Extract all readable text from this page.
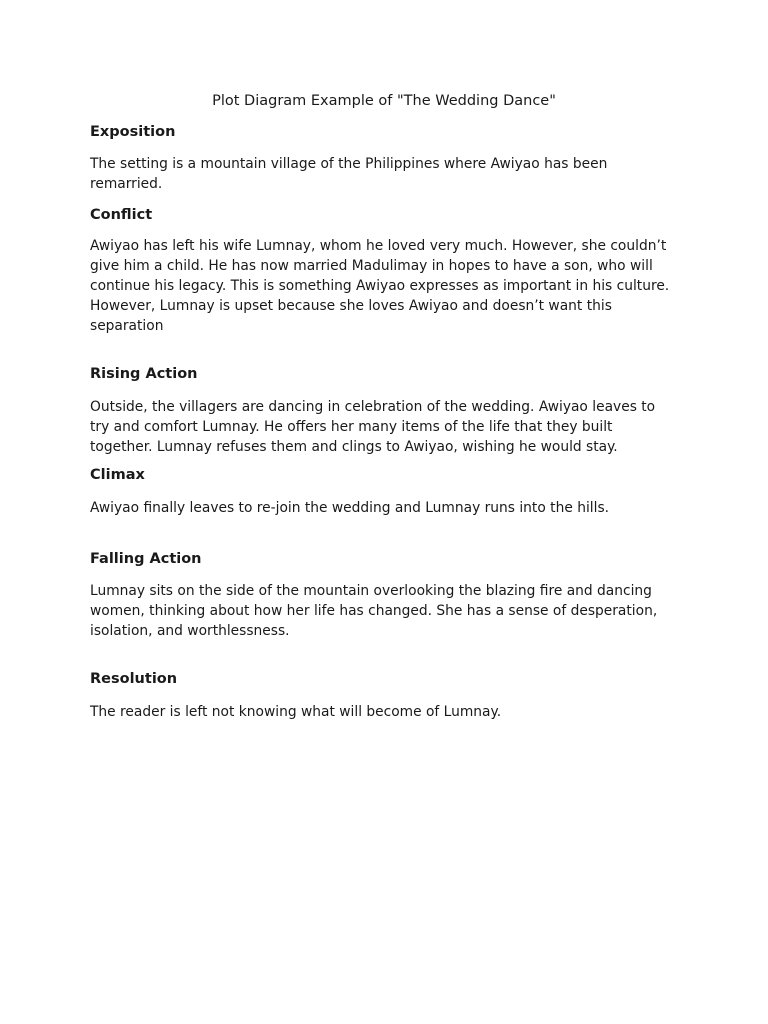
Plot Diagram Example of "The Wedding Dance"
Exposition

The setting is a mountain village of the Philippines where Awiyao has been
remarried.

Conflict

Awiyao has left his wife Lumnay, whom he loved very much. However, she couldn’t
give him a child. He has now married Madulimay in hopes to have a son, who will
continue his legacy. This is something Awiyao expresses as important in his culture.
However, Lumnay is upset because she loves Awiyao and doesn’t want this
separation

Rising Action

Outside, the villagers are dancing in celebration of the wedding. Awiyao leaves to
try and comfort Lumnay. He offers her many items of the life that they built
together. Lumnay refuses them and clings to Awiyao, wishing he would stay.

Climax

Awiyao finally leaves to re-join the wedding and Lumnay runs into the hills.

Falling Action

Lumnay sits on the side of the mountain overlooking the blazing fire and dancing
women, thinking about how her life has changed. She has a sense of desperation,
isolation, and worthlessness.

Resolution

The reader is left not knowing what will become of Lumnay.
